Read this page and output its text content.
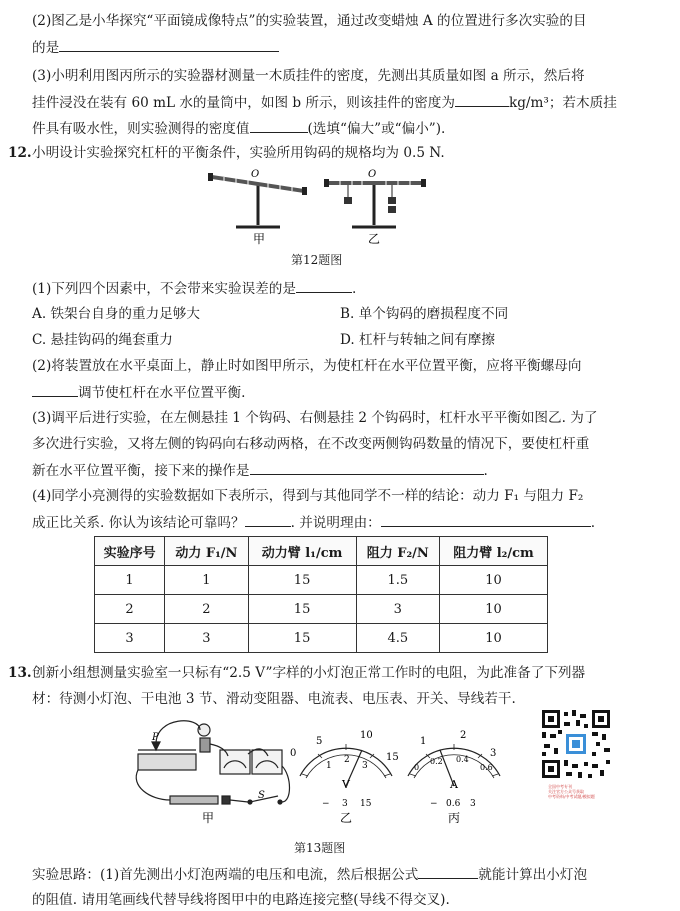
(2)图乙是小华探究“平面镜成像特点”的实验装置，通过改变蜡烛 A 的位置进行多次实验的目
的是
(3)小明利用图丙所示的实验器材测量一木质挂件的密度，先测出其质量如图 a 所示，然后将
挂件浸没在装有 60 mL 水的量筒中，如图 b 所示，则该挂件的密度为	kg/m³；若木质挂
件具有吸水性，则实验测得的密度值	(选填“偏大”或“偏小”).
12. 小明设计实验探究杠杆的平衡条件，实验所用钩码的规格均为 0.5 N.
O	O
甲	乙
第12题图
(1)下列四个因素中，不会带来实验误差的是	.
A. 铁架台自身的重力足够大	B. 单个钩码的磨损程度不同
C. 悬挂钩码的绳套重力	D. 杠杆与转轴之间有摩擦
(2)将装置放在水平桌面上，静止时如图甲所示，为使杠杆在水平位置平衡，应将平衡螺母向
调节使杠杆在水平位置平衡.
(3)调平后进行实验，在左侧悬挂 1 个钩码、右侧悬挂 2 个钩码时，杠杆水平平衡如图乙. 为了
多次进行实验，又将左侧的钩码向右移动两格，在不改变两侧钩码数量的情况下，要使杠杆重
新在水平位置平衡，接下来的操作是	.
(4)同学小亮测得的实验数据如下表所示，得到与其他同学不一样的结论：动力 F₁ 与阻力 F₂
成正比关系. 你认为该结论可靠吗？	. 并说明理由：	.
实验序号	动力 F₁/N	动力臂 l₁/cm	阻力 F₂/N	阻力臂 l₂/cm
1	1	15	1.5	10
2	2	15	3	10
3	3	15	4.5	10
13. 创新小组想测量实验室一只标有“2.5 V”字样的小灯泡正常工作时的电阻，为此准备了下列器
材：待测小灯泡、干电池 3 节、滑动变阻器、电流表、电压表、开关、导线若干.
P
S
0
5
10
15
1
2
3
V
− 3 15
1
2
3
0
0.2 0.4
0.6
A
− 0.6 3
甲	乙	丙
第13题图
实验思路：(1)首先测出小灯泡两端的电压和电流，然后根据公式	就能计算出小灯泡
的阻值. 请用笔画线代替导线将图甲中的电路连接完整(导线不得交叉).
全国中考专刊
关注官方公众号获取
中考资料/中考试题/模拟题
